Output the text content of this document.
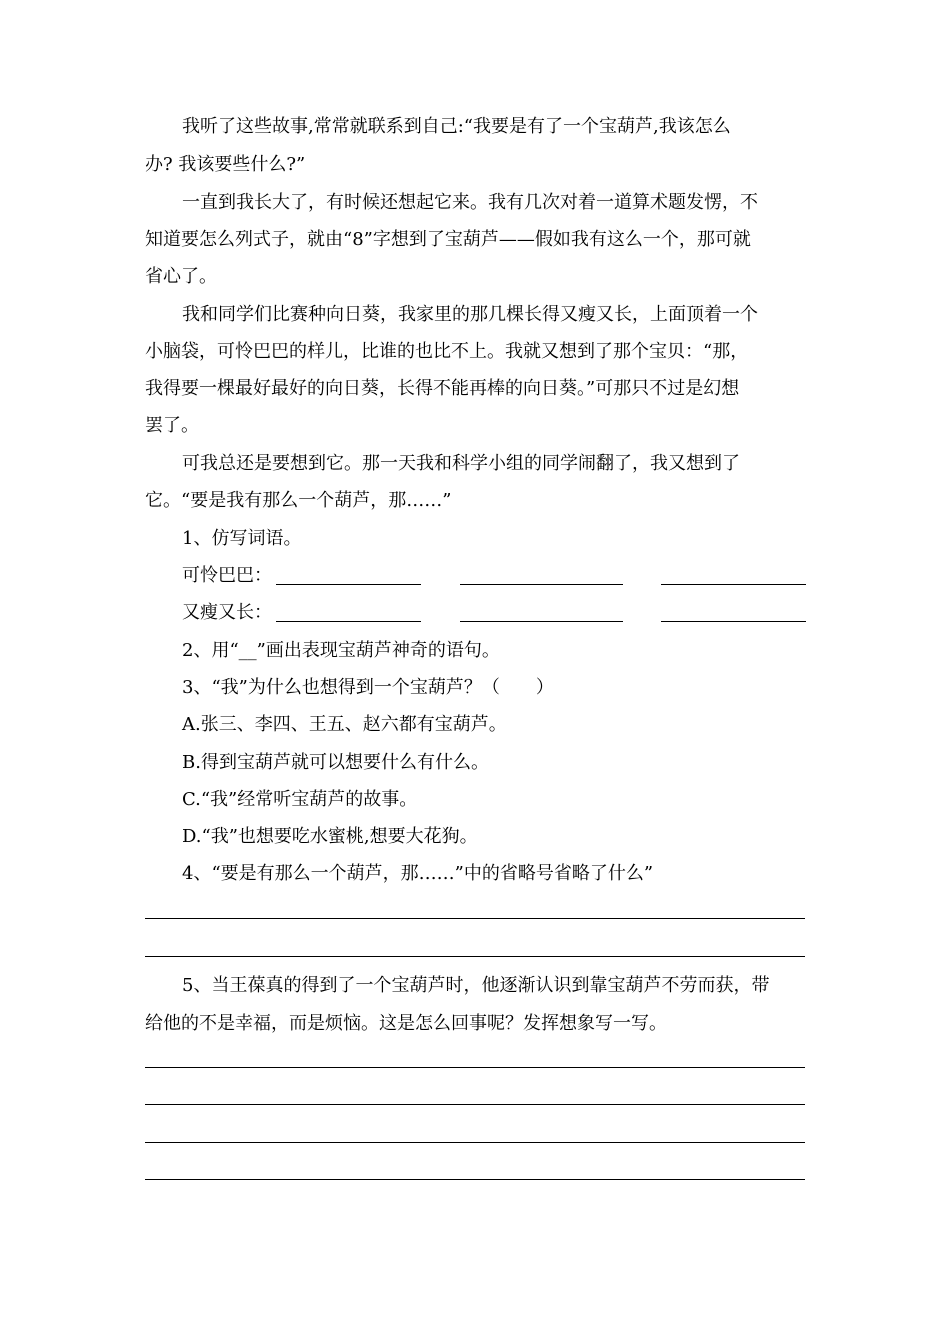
我听了这些故事,常常就联系到自己:“我要是有了一个宝葫芦,我该怎么
办? 我该要些什么?”
一直到我长大了，有时候还想起它来。我有几次对着一道算术题发愣，不
知道要怎么列式子，就由“8”字想到了宝葫芦——假如我有这么一个，那可就
省心了。
我和同学们比赛种向日葵，我家里的那几棵长得又瘦又长，上面顶着一个
小脑袋，可怜巴巴的样儿，比谁的也比不上。我就又想到了那个宝贝：“那，
我得要一棵最好最好的向日葵，长得不能再棒的向日葵。”可那只不过是幻想
罢了。
可我总还是要想到它。那一天我和科学小组的同学闹翻了，我又想到了
它。“要是我有那么一个葫芦，那……”
1、仿写词语。
可怜巴巴：
又瘦又长：
2、用“__”画出表现宝葫芦神奇的语句。
3、“我”为什么也想得到一个宝葫芦？（　　）
A.张三、李四、王五、赵六都有宝葫芦。
B.得到宝葫芦就可以想要什么有什么。
C.“我”经常听宝葫芦的故事。
D.“我”也想要吃水蜜桃,想要大花狗。
4、“要是有那么一个葫芦，那……”中的省略号省略了什么”
5、当王葆真的得到了一个宝葫芦时，他逐渐认识到靠宝葫芦不劳而获，带
给他的不是幸福，而是烦恼。这是怎么回事呢？发挥想象写一写。
